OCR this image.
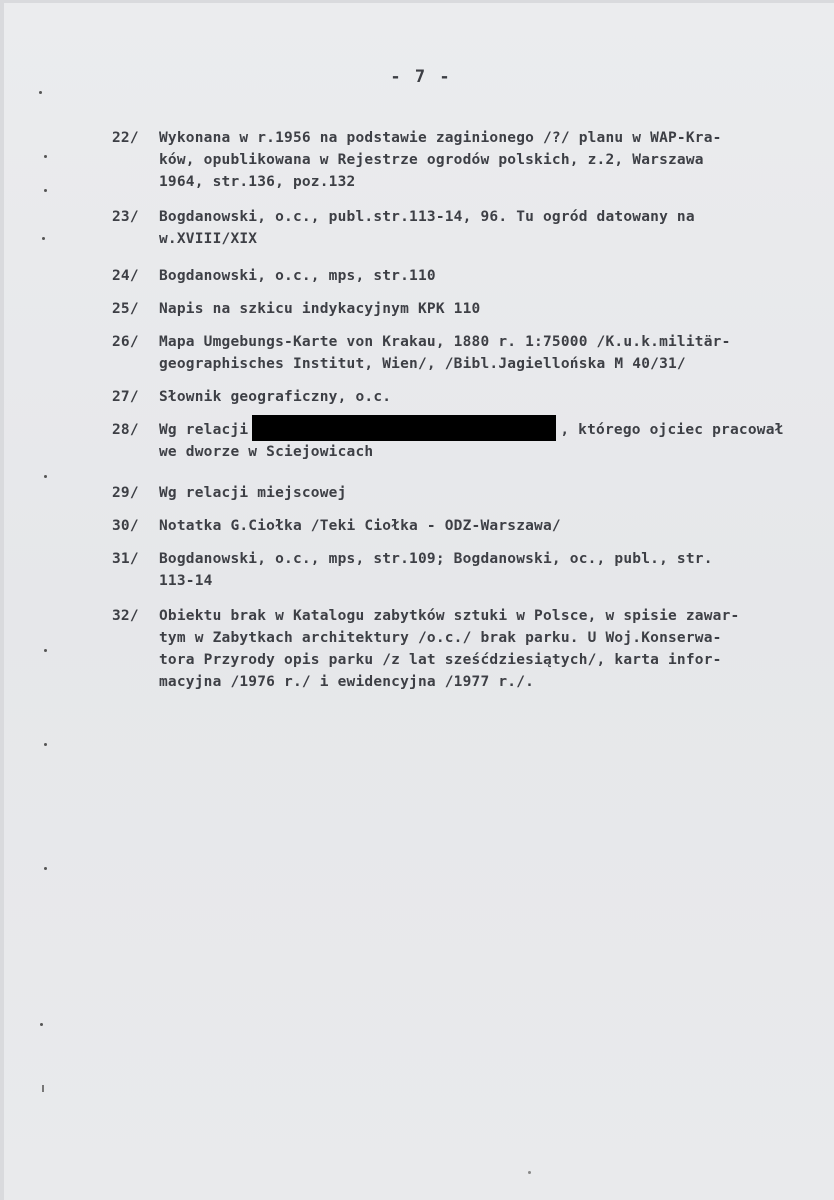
- 7 -
22/	Wykonana w r.1956 na podstawie zaginionego /?/ planu w WAP-Kra-
ków, opublikowana w Rejestrze ogrodów polskich, z.2, Warszawa
1964, str.136, poz.132
23/	Bogdanowski, o.c., publ.str.113-14, 96. Tu ogród datowany na
w.XVIII/XIX
24/	Bogdanowski, o.c., mps, str.110
25/	Napis na szkicu indykacyjnym KPK 110
26/	Mapa Umgebungs-Karte von Krakau, 1880 r. 1:75000 /K.u.k.militär-
geographisches Institut, Wien/, /Bibl.Jagiellońska M 40/31/
27/	Słownik geograficzny, o.c.
28/	Wg relacji	, którego ojciec pracował
we dworze w Sciejowicach
29/	Wg relacji miejscowej
30/	Notatka G.Ciołka /Teki Ciołka - ODZ-Warszawa/
31/	Bogdanowski, o.c., mps, str.109; Bogdanowski, oc., publ., str.
113-14
32/	Obiektu brak w Katalogu zabytków sztuki w Polsce, w spisie zawar-
tym w Zabytkach architektury /o.c./ brak parku. U Woj.Konserwa-
tora Przyrody opis parku /z lat sześćdziesiątych/, karta infor-
macyjna /1976 r./ i ewidencyjna /1977 r./.
